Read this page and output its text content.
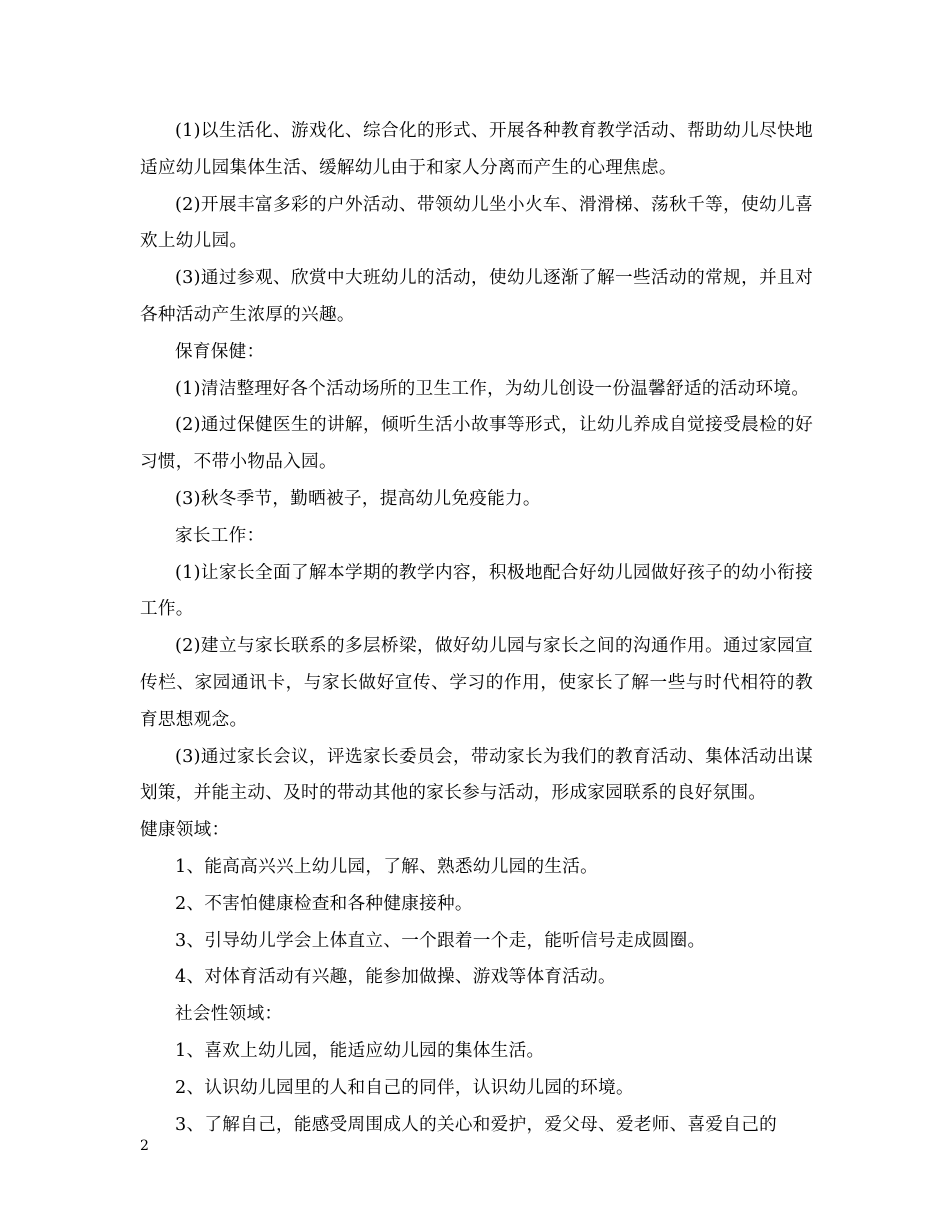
(1)以生活化、游戏化、综合化的形式、开展各种教育教学活动、帮助幼儿尽快地适应幼儿园集体生活、缓解幼儿由于和家人分离而产生的心理焦虑。

(2)开展丰富多彩的户外活动、带领幼儿坐小火车、滑滑梯、荡秋千等，使幼儿喜欢上幼儿园。

(3)通过参观、欣赏中大班幼儿的活动，使幼儿逐渐了解一些活动的常规，并且对各种活动产生浓厚的兴趣。

保育保健：

(1)清洁整理好各个活动场所的卫生工作，为幼儿创设一份温馨舒适的活动环境。

(2)通过保健医生的讲解，倾听生活小故事等形式，让幼儿养成自觉接受晨检的好习惯，不带小物品入园。

(3)秋冬季节，勤晒被子，提高幼儿免疫能力。

家长工作：

(1)让家长全面了解本学期的教学内容，积极地配合好幼儿园做好孩子的幼小衔接工作。

(2)建立与家长联系的多层桥梁，做好幼儿园与家长之间的沟通作用。通过家园宣传栏、家园通讯卡，与家长做好宣传、学习的作用，使家长了解一些与时代相符的教育思想观念。

(3)通过家长会议，评选家长委员会，带动家长为我们的教育活动、集体活动出谋划策，并能主动、及时的带动其他的家长参与活动，形成家园联系的良好氛围。

健康领域：

1、能高高兴兴上幼儿园，了解、熟悉幼儿园的生活。

2、不害怕健康检查和各种健康接种。

3、引导幼儿学会上体直立、一个跟着一个走，能听信号走成圆圈。

4、对体育活动有兴趣，能参加做操、游戏等体育活动。

社会性领域：

1、喜欢上幼儿园，能适应幼儿园的集体生活。

2、认识幼儿园里的人和自己的同伴，认识幼儿园的环境。

3、了解自己，能感受周围成人的关心和爱护，爱父母、爱老师、喜爱自己的

2
